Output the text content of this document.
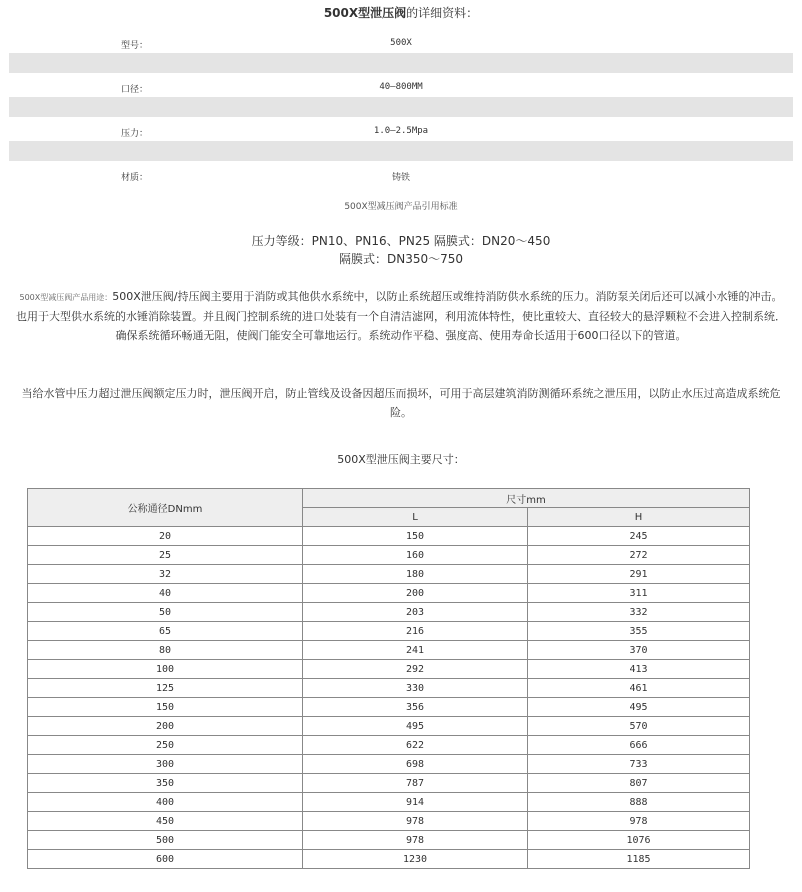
500X型泄压阀的详细资料：
型号：	500X
口径：	40—800MM
压力：	1.0—2.5Mpa
材质：	铸铁
500X型减压阀产品引用标准
压力等级：PN10、PN16、PN25 隔膜式：DN20～450
隔膜式：DN350～750
500X型减压阀产品用途：500X泄压阀∕持压阀主要用于消防或其他供水系统中，以防止系统超压或维持消防供水系统的压力。消防泵关闭后还可以减小水锤的冲击。也用于大型供水系统的水锤消除装置。并且阀门控制系统的进口处装有一个自清洁滤网，利用流体特性，使比重较大、直径较大的悬浮颗粒不会进入控制系统．确保系统循环畅通无阻，使阀门能安全可靠地运行。系统动作平稳、强度高、使用寿命长适用于600口径以下的管道。
当给水管中压力超过泄压阀额定压力时，泄压阀开启，防止管线及设备因超压而损坏，可用于高层建筑消防测循环系统之泄压用，以防止水压过高造成系统危险。
500X型泄压阀主要尺寸：
公称通径DNmm	尺寸mm	
	L	H
20	150	245
25	160	272
32	180	291
40	200	311
50	203	332
65	216	355
80	241	370
100	292	413
125	330	461
150	356	495
200	495	570
250	622	666
300	698	733
350	787	807
400	914	888
450	978	978
500	978	1076
600	1230	1185
